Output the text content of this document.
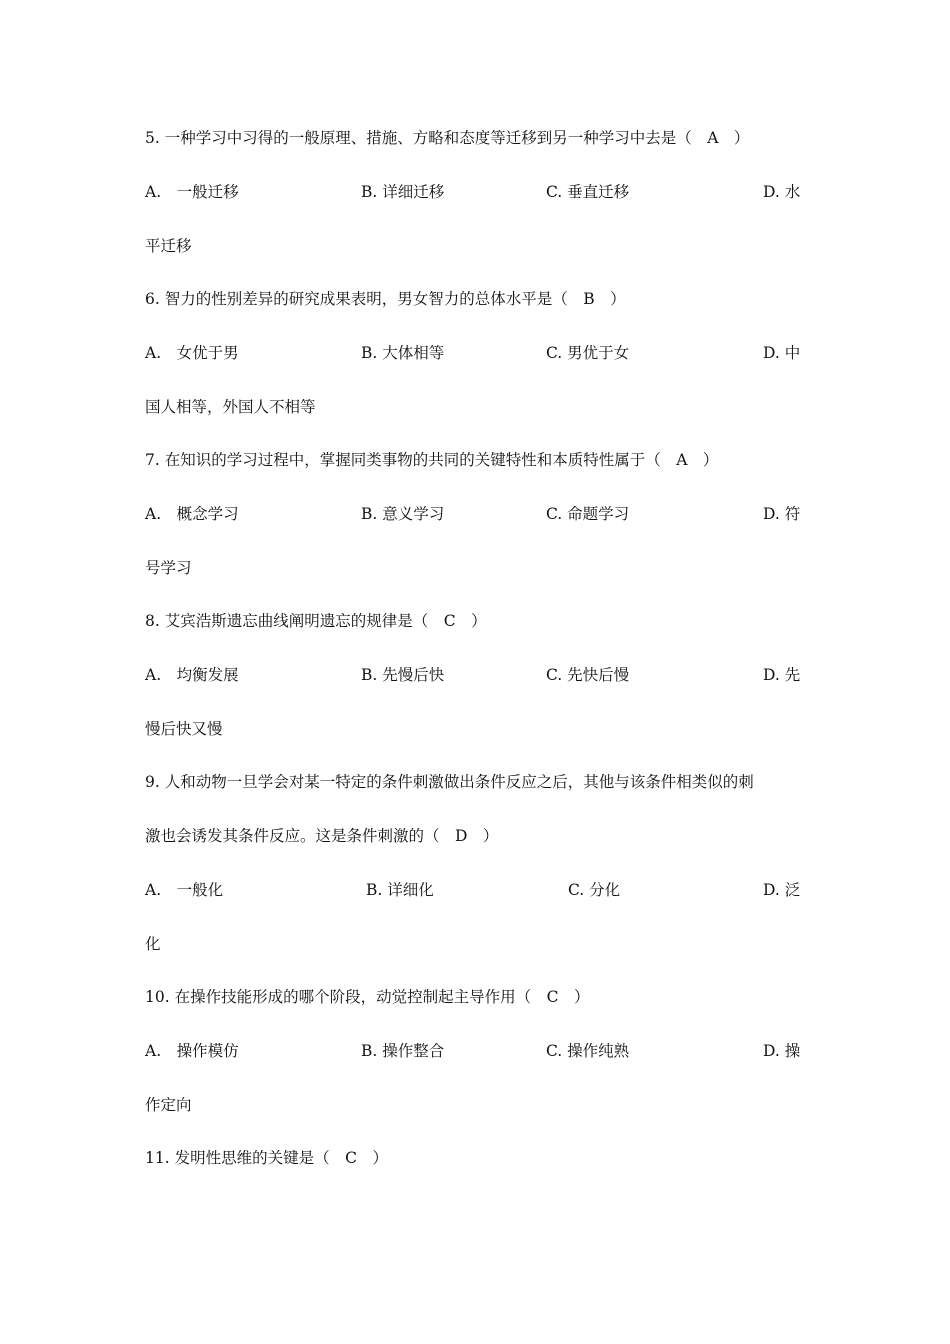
5. 一种学习中习得的一般原理、措施、方略和态度等迁移到另一种学习中去是（　A　）
A.　一般迁移	B. 详细迁移	C. 垂直迁移	D. 水
平迁移
6. 智力的性别差异的研究成果表明，男女智力的总体水平是（　B　）
A.　女优于男	B. 大体相等	C. 男优于女	D. 中
国人相等，外国人不相等
7. 在知识的学习过程中，掌握同类事物的共同的关键特性和本质特性属于（　A　）
A.　概念学习	B. 意义学习	C. 命题学习	D. 符
号学习
8. 艾宾浩斯遗忘曲线阐明遗忘的规律是（　C　）
A.　均衡发展	B. 先慢后快	C. 先快后慢	D. 先
慢后快又慢
9. 人和动物一旦学会对某一特定的条件刺激做出条件反应之后，其他与该条件相类似的刺
激也会诱发其条件反应。这是条件刺激的（　D　）
A.　一般化	B. 详细化	C. 分化	D. 泛
化
10. 在操作技能形成的哪个阶段，动觉控制起主导作用（　C　）
A.　操作模仿	B. 操作整合	C. 操作纯熟	D. 操
作定向
11. 发明性思维的关键是（　C　）
